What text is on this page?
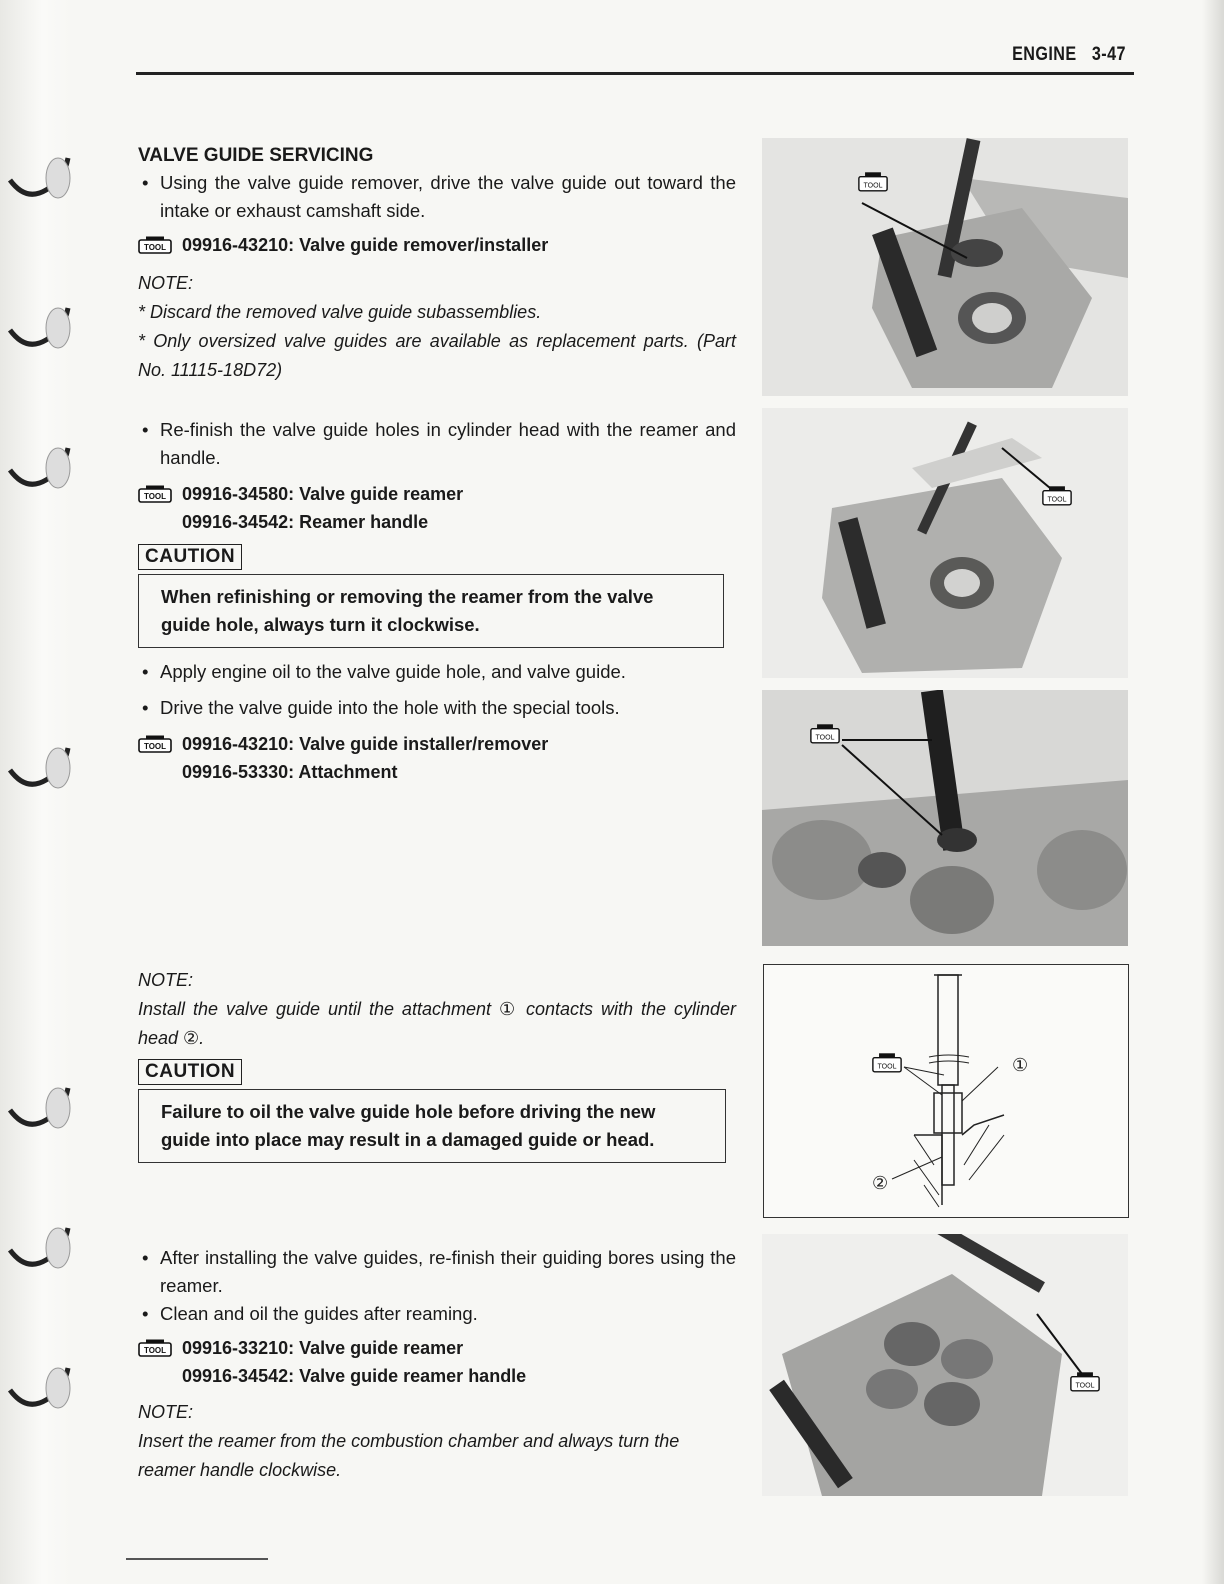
ENGINE 3-47
VALVE GUIDE SERVICING
• Using the valve guide remover, drive the valve guide out toward the intake or exhaust camshaft side.
TOOL 09916-43210: Valve guide remover/installer
NOTE:
* Discard the removed valve guide subassemblies.
* Only oversized valve guides are available as replacement parts. (Part No. 11115-18D72)
• Re-finish the valve guide holes in cylinder head with the reamer and handle.
TOOL 09916-34580: Valve guide reamer
09916-34542: Reamer handle
CAUTION
When refinishing or removing the reamer from the valve guide hole, always turn it clockwise.
• Apply engine oil to the valve guide hole, and valve guide.
• Drive the valve guide into the hole with the special tools.
TOOL 09916-43210: Valve guide installer/remover
09916-53330: Attachment
NOTE:
Install the valve guide until the attachment ① contacts with the cylinder head ②.
CAUTION
Failure to oil the valve guide hole before driving the new guide into place may result in a damaged guide or head.
• After installing the valve guides, re-finish their guiding bores using the reamer.
• Clean and oil the guides after reaming.
TOOL 09916-33210: Valve guide reamer
09916-34542: Valve guide reamer handle
NOTE:
Insert the reamer from the combustion chamber and always turn the reamer handle clockwise.
TOOL
TOOL
TOOL
①
②
TOOL
TOOL
